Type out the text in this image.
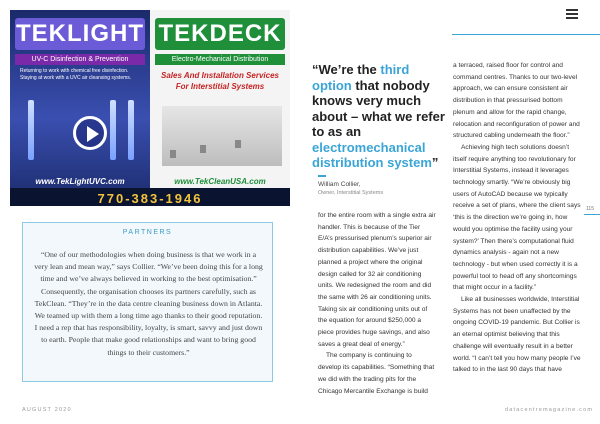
TEKLIGHT TEKDECK
UV-C Disinfection & Prevention	Electro-Mechanical Distribution
Returning to work with chemical free disinfection. Staying at work with a UVC air cleansing systems.	Sales And Installation Services For Interstitial Systems
www.TekLightUVC.com	www.TekCleanUSA.com
770-383-1946
PARTNERS
“One of our methodologies when doing business is that we work in a very lean and mean way,” says Collier. “We’ve been doing this for a long time and we’ve always believed in working to the best optimisation.” Consequently, the organisation chooses its partners carefully, such as TekClean. “They’re in the data centre cleaning business down in Atlanta. We teamed up with them a long time ago thanks to their good reputation. I need a rep that has responsibility, loyalty, is smart, savvy and just down to earth. People that make good relationships and want to bring good things to their customers.”
“We’re the third option that nobody knows very much about – what we refer to as an electromechanical distribution system”
William Collier,
Owner, Interstitial Systems

for the entire room with a single extra air handler. This is because of the Tier E/A’s pressurised plenum’s superior air distribution capabilities. We’ve just planned a project where the original design called for 32 air conditioning units. We redesigned the room and did the same with 26 air conditioning units. Taking six air conditioning units out of the equation for around $250,000 a piece provides huge savings, and also saves a great deal of energy.”

The company is continuing to develop its capabilities. “Something that we did with the trading pits for the Chicago Mercantile Exchange is build

a terraced, raised floor for control and command centres. Thanks to our two-level approach, we can ensure consistent air distribution in that pressurised bottom plenum and allow for the rapid change, relocation and reconfiguration of power and structured cabling underneath the floor.”

Achieving high tech solutions doesn’t itself require anything too revolutionary for Interstitial Systems, instead it leverages technology smartly. “We’re obviously big users of AutoCAD because we typically receive a set of plans, where the client says ‘this is the direction we’re going in, how would you optimise the facility using your system?’ Then there’s computational fluid dynamics analysis - again not a new technology - but when used correctly it is a powerful tool to head off any shortcomings that might occur in a facility.”

Like all businesses worldwide, Interstitial Systems has not been unaffected by the ongoing COVID-19 pandemic. But Collier is an eternal optimist believing that this challenge will eventually result in a better world. “I can’t tell you how many people I’ve talked to in the last 90 days that have

115
AUGUST 2020	datacentremagazine.com
